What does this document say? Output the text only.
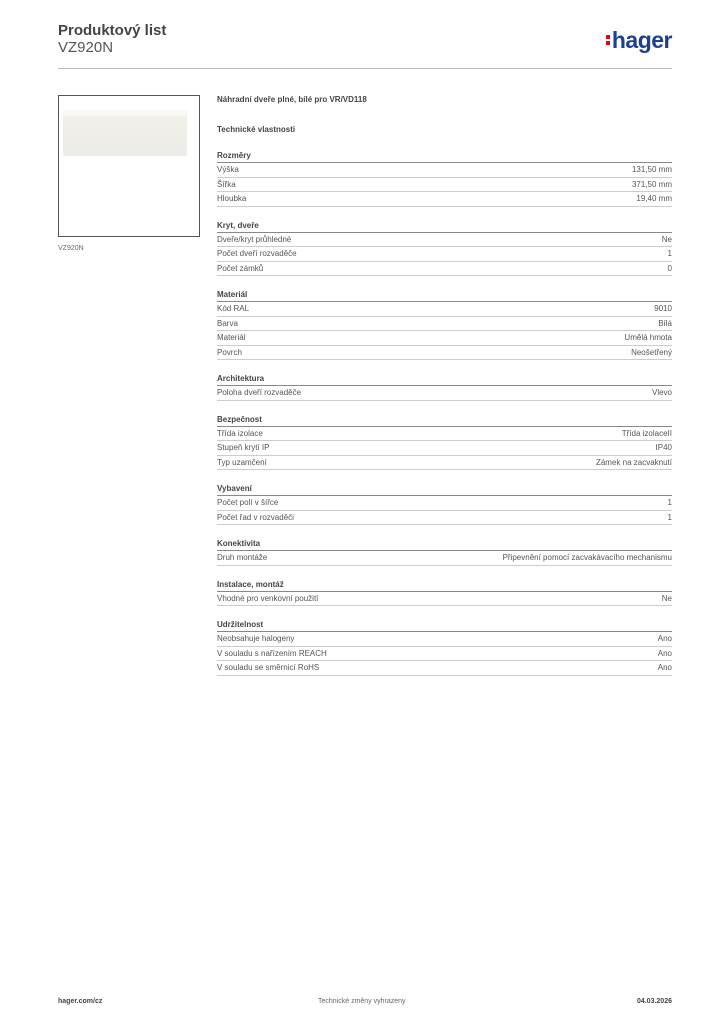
Produktový list
VZ920N	hager
VZ920N
Náhradní dveře plné, bílé pro VR/VD118
Technické vlastnosti
Rozměry
Výška	131,50 mm
Šířka	371,50 mm
Hloubka	19,40 mm
Kryt, dveře
Dveře/kryt průhledné	Ne
Počet dveří rozvaděče	1
Počet zámků	0
Materiál
Kód RAL	9010
Barva	Bílá
Materiál	Umělá hmota
Povrch	Neošetřený
Architektura
Poloha dveří rozvaděče	Vlevo
Bezpečnost
Třída izolace	Třída izolaceII
Stupeň krytí IP	IP40
Typ uzamčení	Zámek na zacvaknutí
Vybavení
Počet polí v šířce	1
Počet řad v rozvaděči	1
Konektivita
Druh montáže	Připevnění pomocí zacvakávacího mechanismu
Instalace, montáž
Vhodné pro venkovní použití	Ne
Udržitelnost
Neobsahuje halogeny	Ano
V souladu s nařízením REACH	Ano
V souladu se směrnicí RoHS	Ano
hager.com/cz	Technické změny vyhrazeny	04.03.2026
